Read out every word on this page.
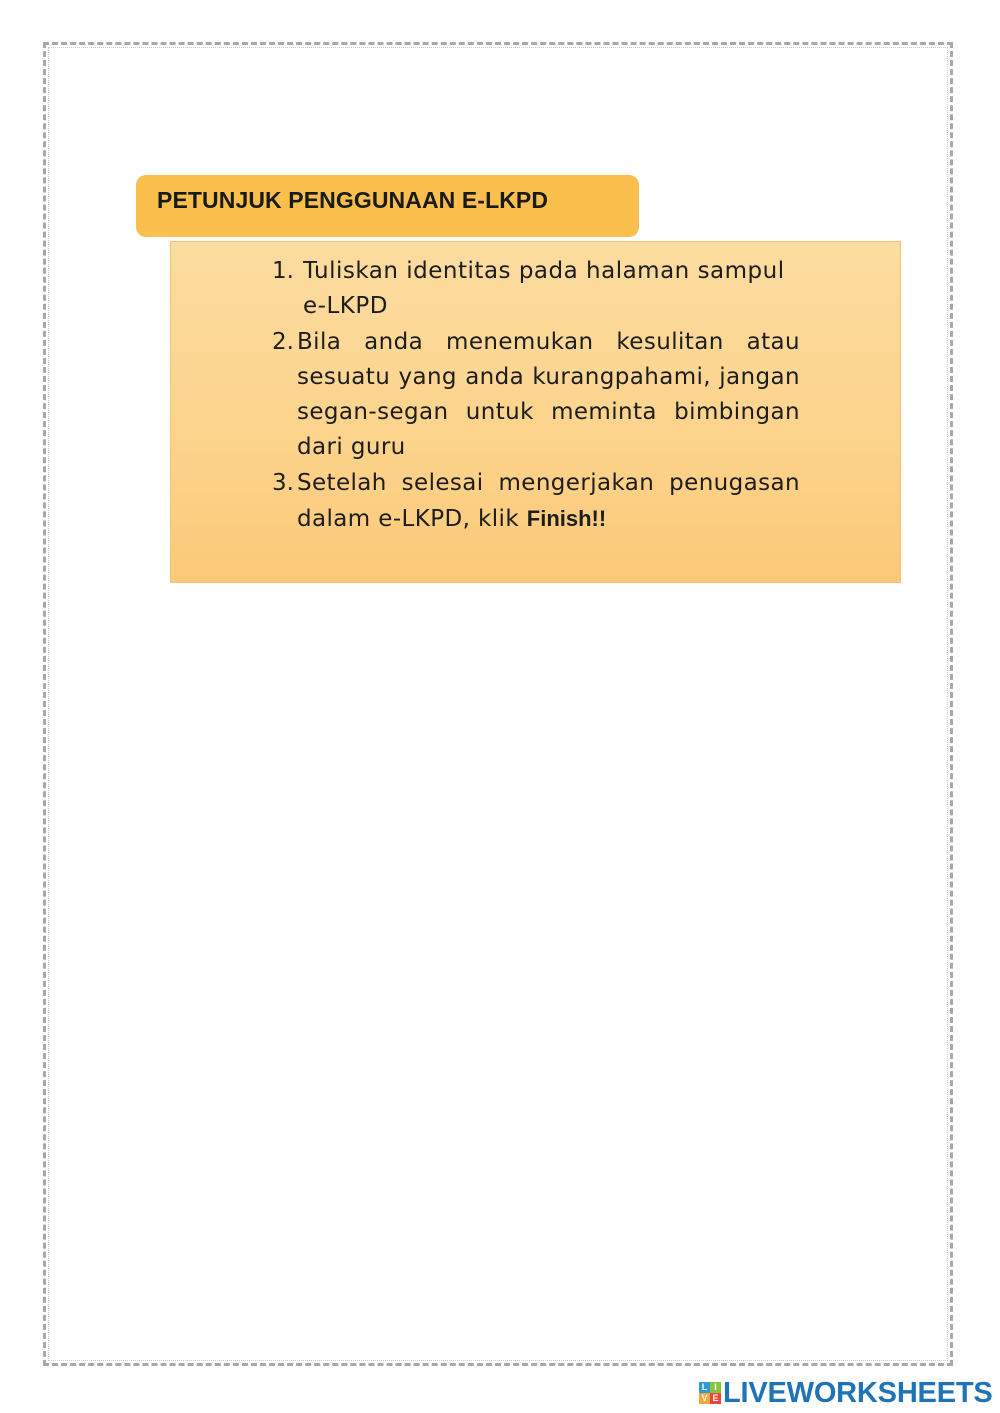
PETUNJUK PENGGUNAAN E-LKPD
1. Tuliskan identitas pada halaman sampul e-LKPD
2. Bila anda menemukan kesulitan atau sesuatu yang anda kurangpahami, jangan segan-segan untuk meminta bimbingan dari guru
3. Setelah selesai mengerjakan penugasan dalam e-LKPD, klik Finish!!
L I
V E LIVEWORKSHEETS
